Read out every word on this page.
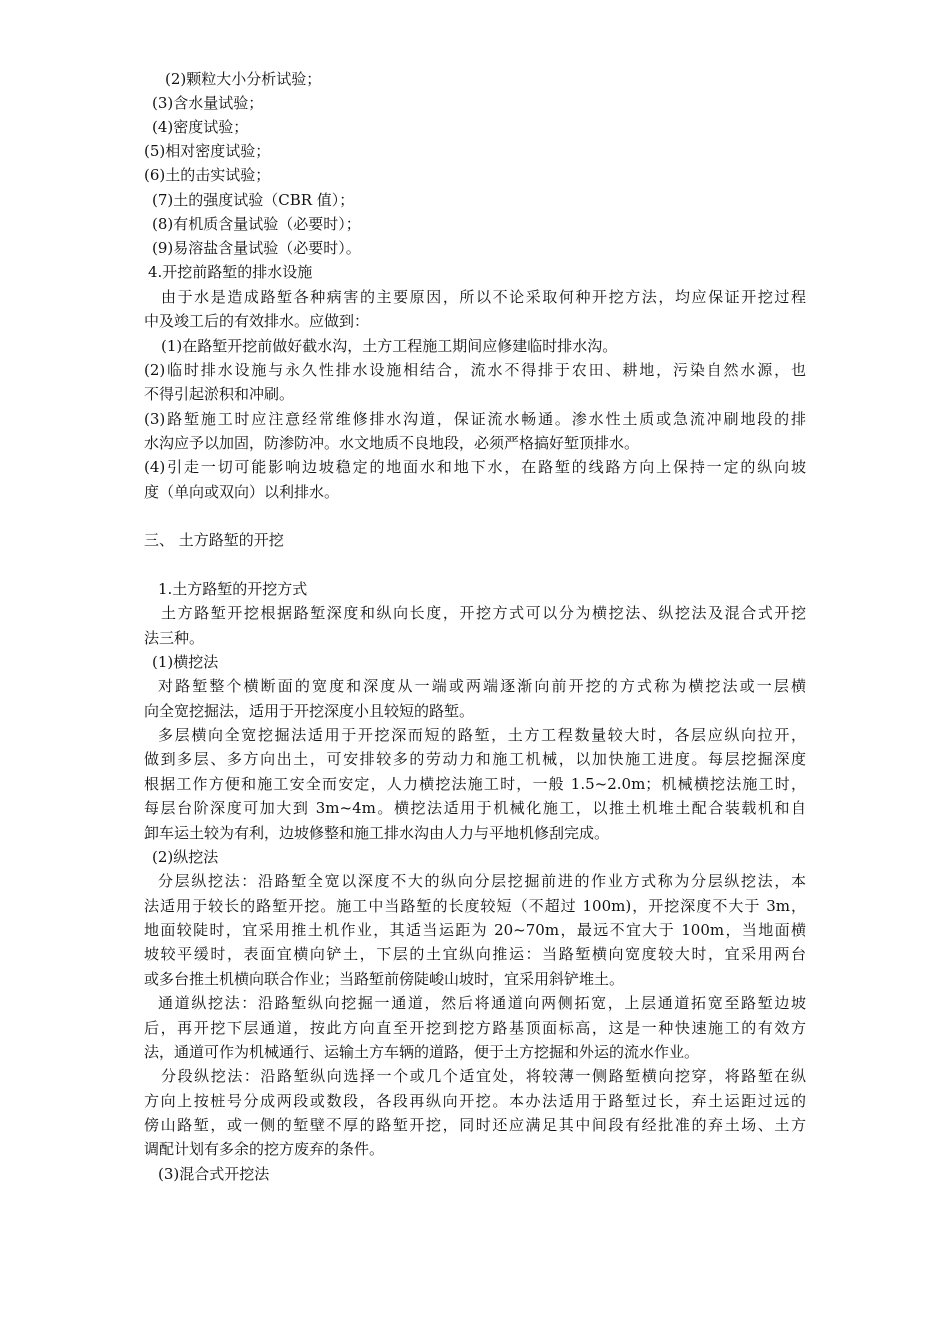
(2)颗粒大小分析试验；

(3)含水量试验；

(4)密度试验；

(5)相对密度试验；

(6)土的击实试验；

(7)土的强度试验（CBR 值）；

(8)有机质含量试验（必要时）；

(9)易溶盐含量试验（必要时）。

4.开挖前路堑的排水设施

由于水是造成路堑各种病害的主要原因，所以不论采取何种开挖方法，均应保证开挖过程

中及竣工后的有效排水。应做到：

(1)在路堑开挖前做好截水沟，土方工程施工期间应修建临时排水沟。

(2)临时排水设施与永久性排水设施相结合，流水不得排于农田、耕地，污染自然水源，也

不得引起淤积和冲刷。

(3)路堑施工时应注意经常维修排水沟道，保证流水畅通。渗水性土质或急流冲刷地段的排

水沟应予以加固，防渗防冲。水文地质不良地段，必须严格搞好堑顶排水。

(4)引走一切可能影响边坡稳定的地面水和地下水，在路堑的线路方向上保持一定的纵向坡

度（单向或双向）以利排水。

三、 土方路堑的开挖

1.土方路堑的开挖方式

土方路堑开挖根据路堑深度和纵向长度，开挖方式可以分为横挖法、纵挖法及混合式开挖

法三种。

(1)横挖法

对路堑整个横断面的宽度和深度从一端或两端逐渐向前开挖的方式称为横挖法或一层横

向全宽挖掘法，适用于开挖深度小且较短的路堑。

多层横向全宽挖掘法适用于开挖深而短的路堑，土方工程数量较大时，各层应纵向拉开，

做到多层、多方向出土，可安排较多的劳动力和施工机械，以加快施工进度。每层挖掘深度

根据工作方便和施工安全而安定，人力横挖法施工时，一般 1.5~2.0m；机械横挖法施工时，

每层台阶深度可加大到 3m~4m。横挖法适用于机械化施工，以推土机堆土配合装载机和自

卸车运土较为有利，边坡修整和施工排水沟由人力与平地机修刮完成。

(2)纵挖法

分层纵挖法：沿路堑全宽以深度不大的纵向分层挖掘前进的作业方式称为分层纵挖法，本

法适用于较长的路堑开挖。施工中当路堑的长度较短（不超过 100m)，开挖深度不大于 3m，

地面较陡时，宜采用推土机作业，其适当运距为 20~70m，最远不宜大于 100m，当地面横

坡较平缓时，表面宜横向铲土，下层的土宜纵向推运：当路堑横向宽度较大时，宜采用两台

或多台推土机横向联合作业；当路堑前傍陡峻山坡时，宜采用斜铲堆土。

通道纵挖法：沿路堑纵向挖掘一通道，然后将通道向两侧拓宽，上层通道拓宽至路堑边坡

后，再开挖下层通道，按此方向直至开挖到挖方路基顶面标高，这是一种快速施工的有效方

法，通道可作为机械通行、运输土方车辆的道路，便于土方挖掘和外运的流水作业。

分段纵挖法：沿路堑纵向选择一个或几个适宜处，将较薄一侧路堑横向挖穿，将路堑在纵

方向上按桩号分成两段或数段，各段再纵向开挖。本办法适用于路堑过长，弃土运距过远的

傍山路堑，或一侧的堑壁不厚的路堑开挖，同时还应满足其中间段有经批准的弃土场、土方

调配计划有多余的挖方废弃的条件。

(3)混合式开挖法
